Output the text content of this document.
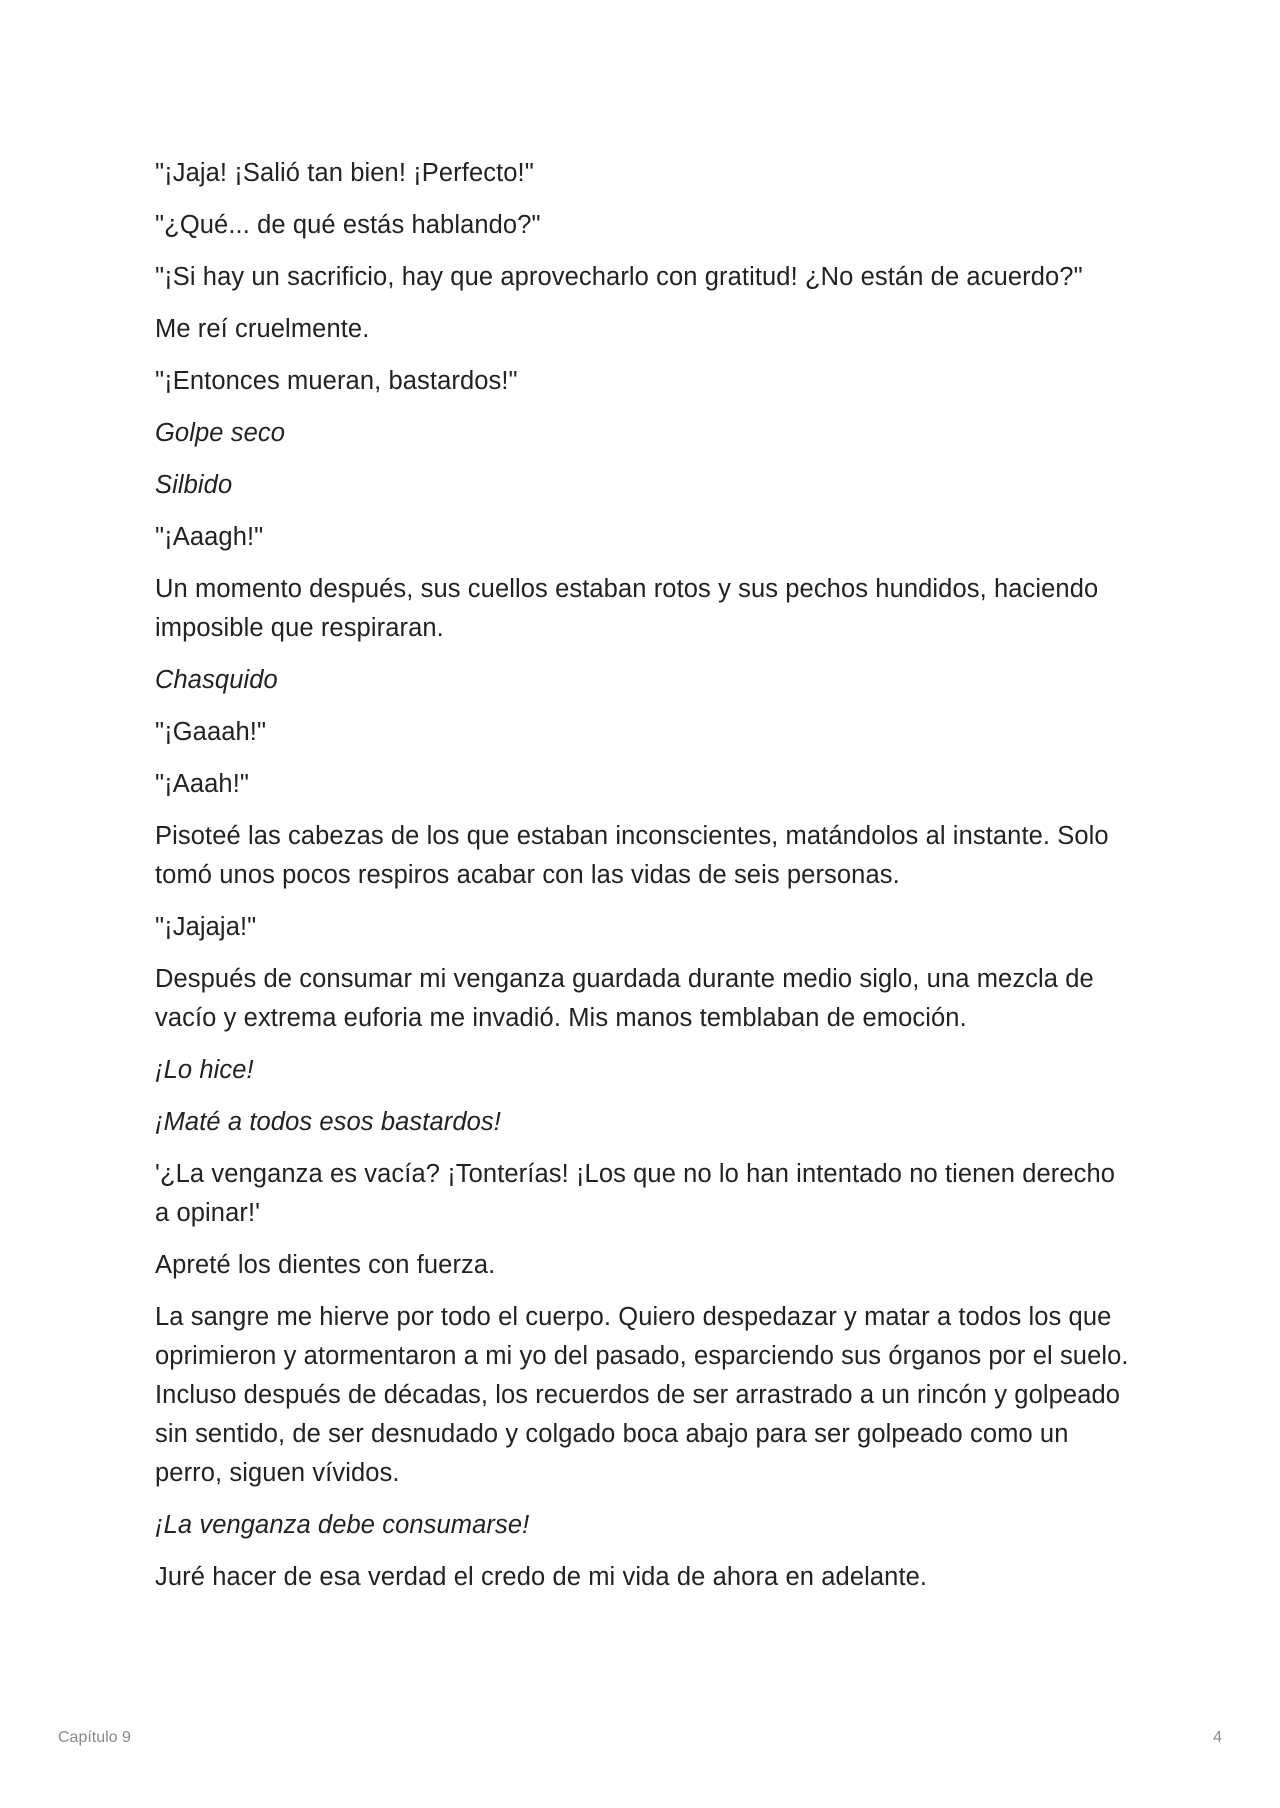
"¡Jaja! ¡Salió tan bien! ¡Perfecto!"

"¿Qué... de qué estás hablando?"

"¡Si hay un sacrificio, hay que aprovecharlo con gratitud! ¿No están de acuerdo?"

Me reí cruelmente.

"¡Entonces mueran, bastardos!"

Golpe seco

Silbido

"¡Aaagh!"

Un momento después, sus cuellos estaban rotos y sus pechos hundidos, haciendo imposible que respiraran.

Chasquido

"¡Gaaah!"

"¡Aaah!"

Pisoteé las cabezas de los que estaban inconscientes, matándolos al instante. Solo tomó unos pocos respiros acabar con las vidas de seis personas.

"¡Jajaja!"

Después de consumar mi venganza guardada durante medio siglo, una mezcla de vacío y extrema euforia me invadió. Mis manos temblaban de emoción.

¡Lo hice!

¡Maté a todos esos bastardos!

'¿La venganza es vacía? ¡Tonterías! ¡Los que no lo han intentado no tienen derecho a opinar!'

Apreté los dientes con fuerza.

La sangre me hierve por todo el cuerpo. Quiero despedazar y matar a todos los que oprimieron y atormentaron a mi yo del pasado, esparciendo sus órganos por el suelo. Incluso después de décadas, los recuerdos de ser arrastrado a un rincón y golpeado sin sentido, de ser desnudado y colgado boca abajo para ser golpeado como un perro, siguen vívidos.

¡La venganza debe consumarse!

Juré hacer de esa verdad el credo de mi vida de ahora en adelante.

Capítulo 9	4
